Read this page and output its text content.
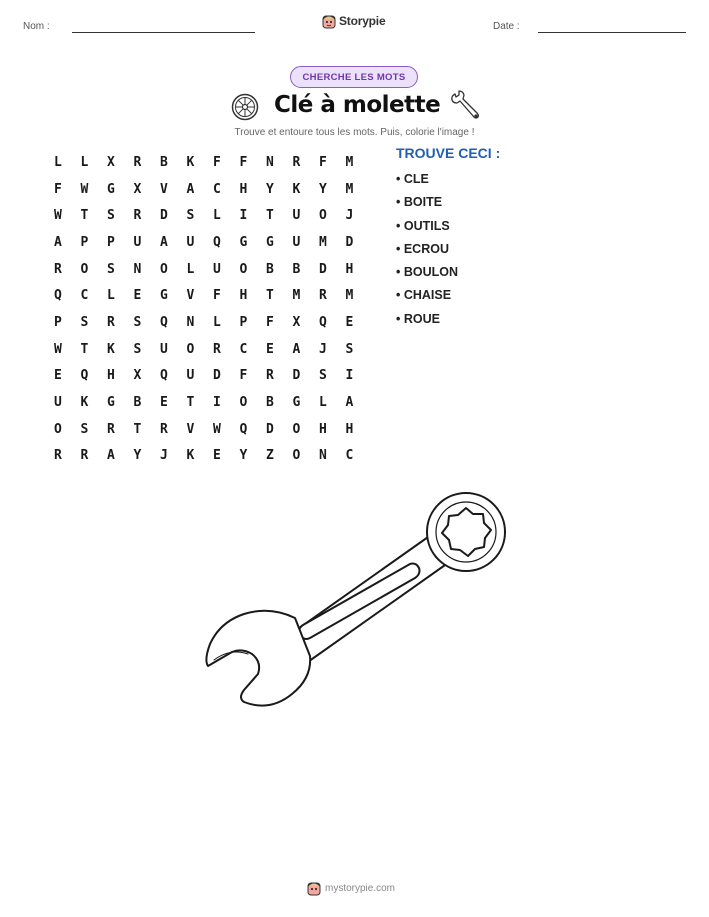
Nom :	Storypie	Date :
CHERCHE LES MOTS
Clé à molette
Trouve et entoure tous les mots. Puis, colorie l'image !
L	L	X	R	B	K	F	F	N	R	F	M
F	W	G	X	V	A	C	H	Y	K	Y	M
W	T	S	R	D	S	L	I	T	U	O	J
A	P	P	U	A	U	Q	G	G	U	M	D
R	O	S	N	O	L	U	O	B	B	D	H
Q	C	L	E	G	V	F	H	T	M	R	M
P	S	R	S	Q	N	L	P	F	X	Q	E
W	T	K	S	U	O	R	C	E	A	J	S
E	Q	H	X	Q	U	D	F	R	D	S	I
U	K	G	B	E	T	I	O	B	G	L	A
O	S	R	T	R	V	W	Q	D	O	H	H
R	R	A	Y	J	K	E	Y	Z	O	N	C
TROUVE CECI :
• CLE
• BOITE
• OUTILS
• ECROU
• BOULON
• CHAISE
• ROUE
mystorypie.com
